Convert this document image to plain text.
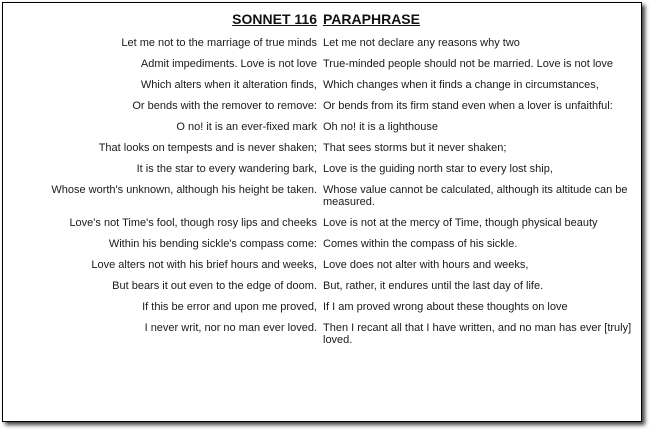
SONNET 116	PARAPHRASE
Let me not to the marriage of true minds	Let me not declare any reasons why two
Admit impediments. Love is not love	True-minded people should not be married. Love is not love
Which alters when it alteration finds,	Which changes when it finds a change in circumstances,
Or bends with the remover to remove:	Or bends from its firm stand even when a lover is unfaithful:
O no! it is an ever-fixed mark	Oh no! it is a lighthouse
That looks on tempests and is never shaken;	That sees storms but it never shaken;
It is the star to every wandering bark,	Love is the guiding north star to every lost ship,
Whose worth's unknown, although his height be taken.	Whose value cannot be calculated, although its altitude can be measured.
Love's not Time's fool, though rosy lips and cheeks	Love is not at the mercy of Time, though physical beauty
Within his bending sickle's compass come:	Comes within the compass of his sickle.
Love alters not with his brief hours and weeks,	Love does not alter with hours and weeks,
But bears it out even to the edge of doom.	But, rather, it endures until the last day of life.
If this be error and upon me proved,	If I am proved wrong about these thoughts on love
I never writ, nor no man ever loved.	Then I recant all that I have written, and no man has ever [truly] loved.
